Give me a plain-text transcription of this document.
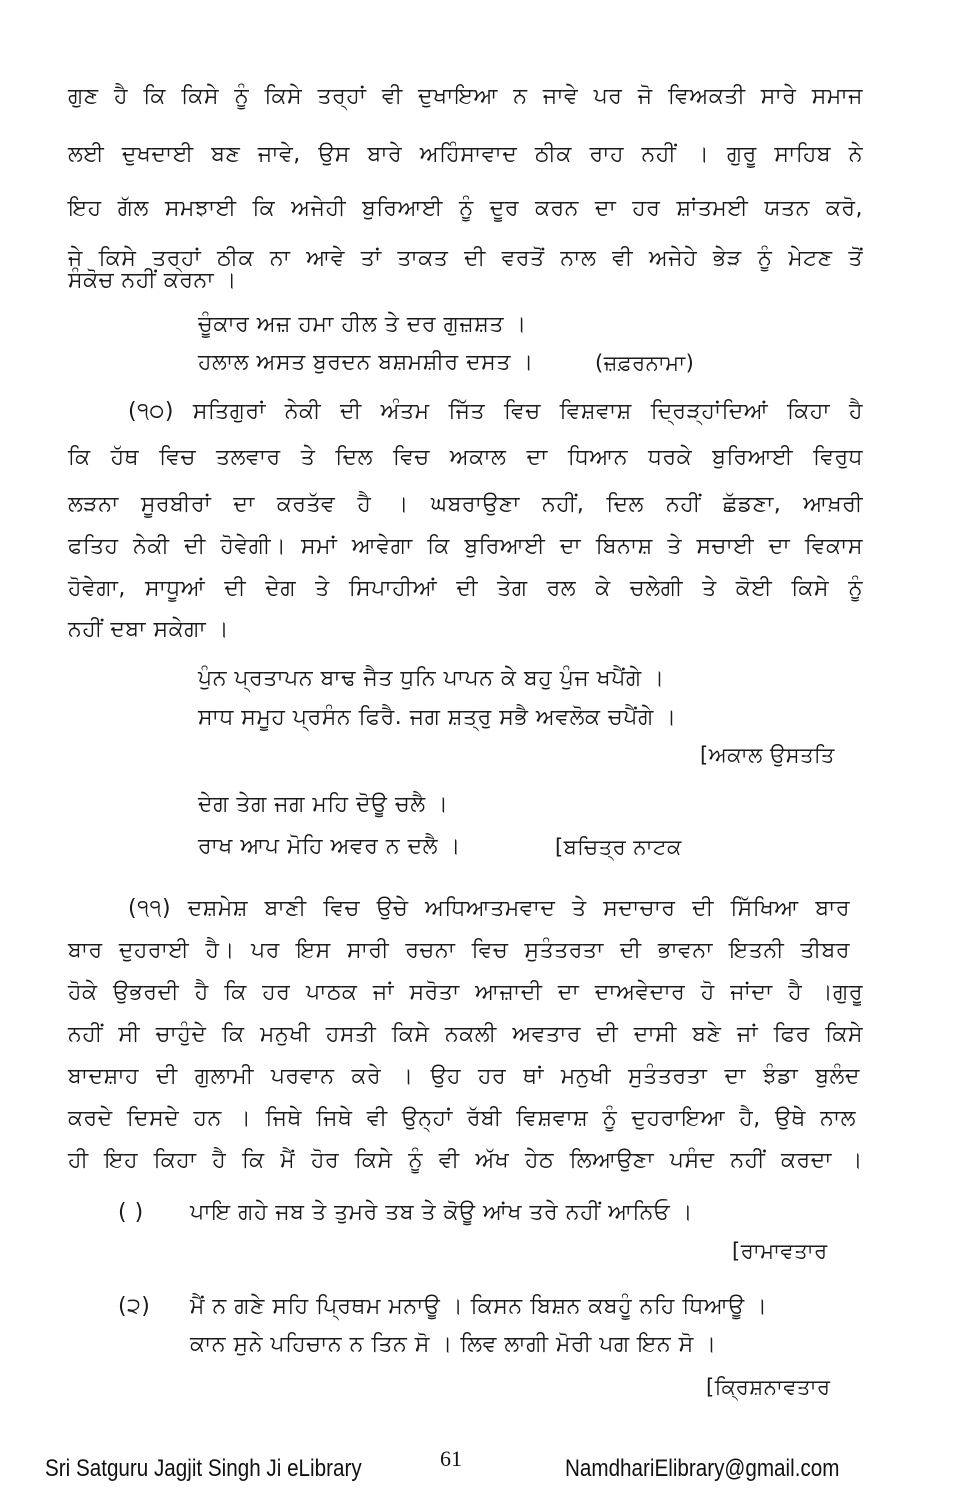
ਗੁਣ ਹੈ ਕਿ ਕਿਸੇ ਨੂੰ ਕਿਸੇ ਤਰ੍ਹਾਂ ਵੀ ਦੁਖਾਇਆ ਨ ਜਾਵੇ ਪਰ ਜੋ ਵਿਅਕਤੀ ਸਾਰੇ ਸਮਾਜ
ਲਈ ਦੁਖਦਾਈ ਬਣ ਜਾਵੇ, ਉਸ ਬਾਰੇ ਅਹਿੰਸਾਵਾਦ ਠੀਕ ਰਾਹ ਨਹੀਂ । ਗੁਰੂ ਸਾਹਿਬ ਨੇ
ਇਹ ਗੱਲ ਸਮਝਾਈ ਕਿ ਅਜੇਹੀ ਬੁਰਿਆਈ ਨੂੰ ਦੂਰ ਕਰਨ ਦਾ ਹਰ ਸ਼ਾਂਤਮਈ ਯਤਨ ਕਰੋ,
ਜੇ ਕਿਸੇ ਤਰ੍ਹਾਂ ਠੀਕ ਨਾ ਆਵੇ ਤਾਂ ਤਾਕਤ ਦੀ ਵਰਤੋਂ ਨਾਲ ਵੀ ਅਜੇਹੇ ਭੇੜ ਨੂੰ ਮੇਟਣ ਤੋਂ
ਸੰਕੋਚ ਨਹੀਂ ਕਰਨਾ ।
ਚੂੰਕਾਰ ਅਜ਼ ਹਮਾ ਹੀਲ ਤੇ ਦਰ ਗੁਜ਼ਸ਼ਤ ।
ਹਲਾਲ ਅਸਤ ਬੁਰਦਨ ਬਸ਼ਮਸ਼ੀਰ ਦਸਤ ।	(ਜ਼ਫ਼ਰਨਾਮਾ)
(੧੦) ਸਤਿਗੁਰਾਂ ਨੇਕੀ ਦੀ ਅੰਤਮ ਜਿੱਤ ਵਿਚ ਵਿਸ਼ਵਾਸ਼ ਦ੍ਰਿੜ੍ਹਾਂਦਿਆਂ ਕਿਹਾ ਹੈ
ਕਿ ਹੱਥ ਵਿਚ ਤਲਵਾਰ ਤੇ ਦਿਲ ਵਿਚ ਅਕਾਲ ਦਾ ਧਿਆਨ ਧਰਕੇ ਬੁਰਿਆਈ ਵਿਰੁਧ
ਲੜਨਾ ਸੂਰਬੀਰਾਂ ਦਾ ਕਰਤੱਵ ਹੈ । ਘਬਰਾਉਣਾ ਨਹੀਂ, ਦਿਲ ਨਹੀਂ ਛੱਡਣਾ, ਆਖ਼ਰੀ
ਫਤਿਹ ਨੇਕੀ ਦੀ ਹੋਵੇਗੀ। ਸਮਾਂ ਆਵੇਗਾ ਕਿ ਬੁਰਿਆਈ ਦਾ ਬਿਨਾਸ਼ ਤੇ ਸਚਾਈ ਦਾ ਵਿਕਾਸ
ਹੋਵੇਗਾ, ਸਾਧੂਆਂ ਦੀ ਦੇਗ ਤੇ ਸਿਪਾਹੀਆਂ ਦੀ ਤੇਗ ਰਲ ਕੇ ਚਲੇਗੀ ਤੇ ਕੋਈ ਕਿਸੇ ਨੂੰ
ਨਹੀਂ ਦਬਾ ਸਕੇਗਾ ।
ਪੁੰਨ ਪ੍ਰਤਾਪਨ ਬਾਢ ਜੈਤ ਧੁਨਿ ਪਾਪਨ ਕੇ ਬਹੁ ਪੁੰਜ ਖਪੈਂਗੇ ।
ਸਾਧ ਸਮੂਹ ਪ੍ਰਸੰਨ ਫਿਰੈ. ਜਗ ਸ਼ਤ੍ਰੁ ਸਭੈ ਅਵਲੋਕ ਚਪੈਂਗੇ ।
[ਅਕਾਲ ਉਸਤਤਿ
ਦੇਗ ਤੇਗ ਜਗ ਮਹਿ ਦੋਊ ਚਲੈ ।
ਰਾਖ ਆਪ ਮੋਹਿ ਅਵਰ ਨ ਦਲੈ ।	[ਬਚਿਤ੍ਰ ਨਾਟਕ
(੧੧) ਦਸ਼ਮੇਸ਼ ਬਾਣੀ ਵਿਚ ਉਚੇ ਅਧਿਆਤਮਵਾਦ ਤੇ ਸਦਾਚਾਰ ਦੀ ਸਿੱਖਿਆ ਬਾਰ
ਬਾਰ ਦੁਹਰਾਈ ਹੈ। ਪਰ ਇਸ ਸਾਰੀ ਰਚਨਾ ਵਿਚ ਸੁਤੰਤਰਤਾ ਦੀ ਭਾਵਨਾ ਇਤਨੀ ਤੀਬਰ
ਹੋਕੇ ਉਭਰਦੀ ਹੈ ਕਿ ਹਰ ਪਾਠਕ ਜਾਂ ਸਰੋਤਾ ਆਜ਼ਾਦੀ ਦਾ ਦਾਅਵੇਦਾਰ ਹੋ ਜਾਂਦਾ ਹੈ ।ਗੁਰੂ
ਨਹੀਂ ਸੀ ਚਾਹੁੰਦੇ ਕਿ ਮਨੁਖੀ ਹਸਤੀ ਕਿਸੇ ਨਕਲੀ ਅਵਤਾਰ ਦੀ ਦਾਸੀ ਬਣੇ ਜਾਂ ਫਿਰ ਕਿਸੇ
ਬਾਦਸ਼ਾਹ ਦੀ ਗੁਲਾਮੀ ਪਰਵਾਨ ਕਰੇ । ਉਹ ਹਰ ਥਾਂ ਮਨੁਖੀ ਸੁਤੰਤਰਤਾ ਦਾ ਝੰਡਾ ਬੁਲੰਦ
ਕਰਦੇ ਦਿਸਦੇ ਹਨ । ਜਿਥੇ ਜਿਥੇ ਵੀ ਉਨ੍ਹਾਂ ਰੱਬੀ ਵਿਸ਼ਵਾਸ਼ ਨੂੰ ਦੁਹਰਾਇਆ ਹੈ, ਉਥੇ ਨਾਲ
ਹੀ ਇਹ ਕਿਹਾ ਹੈ ਕਿ ਮੈਂ ਹੋਰ ਕਿਸੇ ਨੂੰ ਵੀ ਅੱਖ ਹੇਠ ਲਿਆਉਣਾ ਪਸੰਦ ਨਹੀਂ ਕਰਦਾ ।
( ) ਪਾਇ ਗਹੇ ਜਬ ਤੇ ਤੁਮਰੇ ਤਬ ਤੇ ਕੋਊ ਆਂਖ ਤਰੇ ਨਹੀਂ ਆਨਿਓ ।
[ਰਾਮਾਵਤਾਰ
(੨) ਮੈਂ ਨ ਗਣੇ ਸਹਿ ਪ੍ਰਿਥਮ ਮਨਾਊ । ਕਿਸਨ ਬਿਸ਼ਨ ਕਬਹੂੰ ਨਹਿ ਧਿਆਊ ।
ਕਾਨ ਸੁਨੇ ਪਹਿਚਾਨ ਨ ਤਿਨ ਸੋ । ਲਿਵ ਲਾਗੀ ਮੋਰੀ ਪਗ ਇਨ ਸੋ ।
[ਕ੍ਰਿਸ਼ਨਾਵਤਾਰ
Sri Satguru Jagjit Singh Ji eLibrary	61	NamdhariElibrary@gmail.com
